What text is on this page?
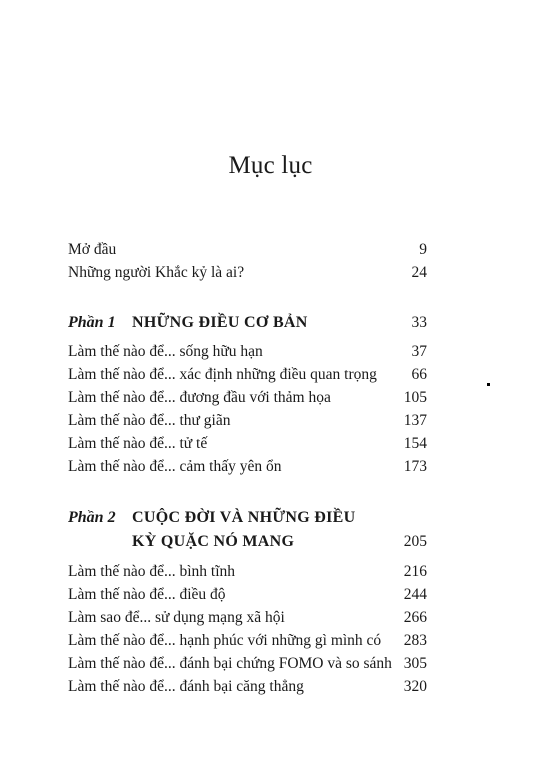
Mục lục
Mở đầu	9
Những người Khắc kỷ là ai?	24
Phần 1 NHỮNG ĐIỀU CƠ BẢN	33
Làm thế nào để... sống hữu hạn	37
Làm thế nào để... xác định những điều quan trọng 66
Làm thế nào để... đương đầu với thảm họa	105
Làm thế nào để... thư giãn	137
Làm thế nào để... tử tế	154
Làm thế nào để... cảm thấy yên ổn	173
Phần 2 CUỘC ĐỜI VÀ NHỮNG ĐIỀU
KỲ QUẶC NÓ MANG	205
Làm thế nào để... bình tĩnh	216
Làm thế nào để... điều độ	244
Làm sao để... sử dụng mạng xã hội	266
Làm thế nào để... hạnh phúc với những gì mình có 283
Làm thế nào để... đánh bại chứng FOMO và so sánh 305
Làm thế nào để... đánh bại căng thẳng	320
